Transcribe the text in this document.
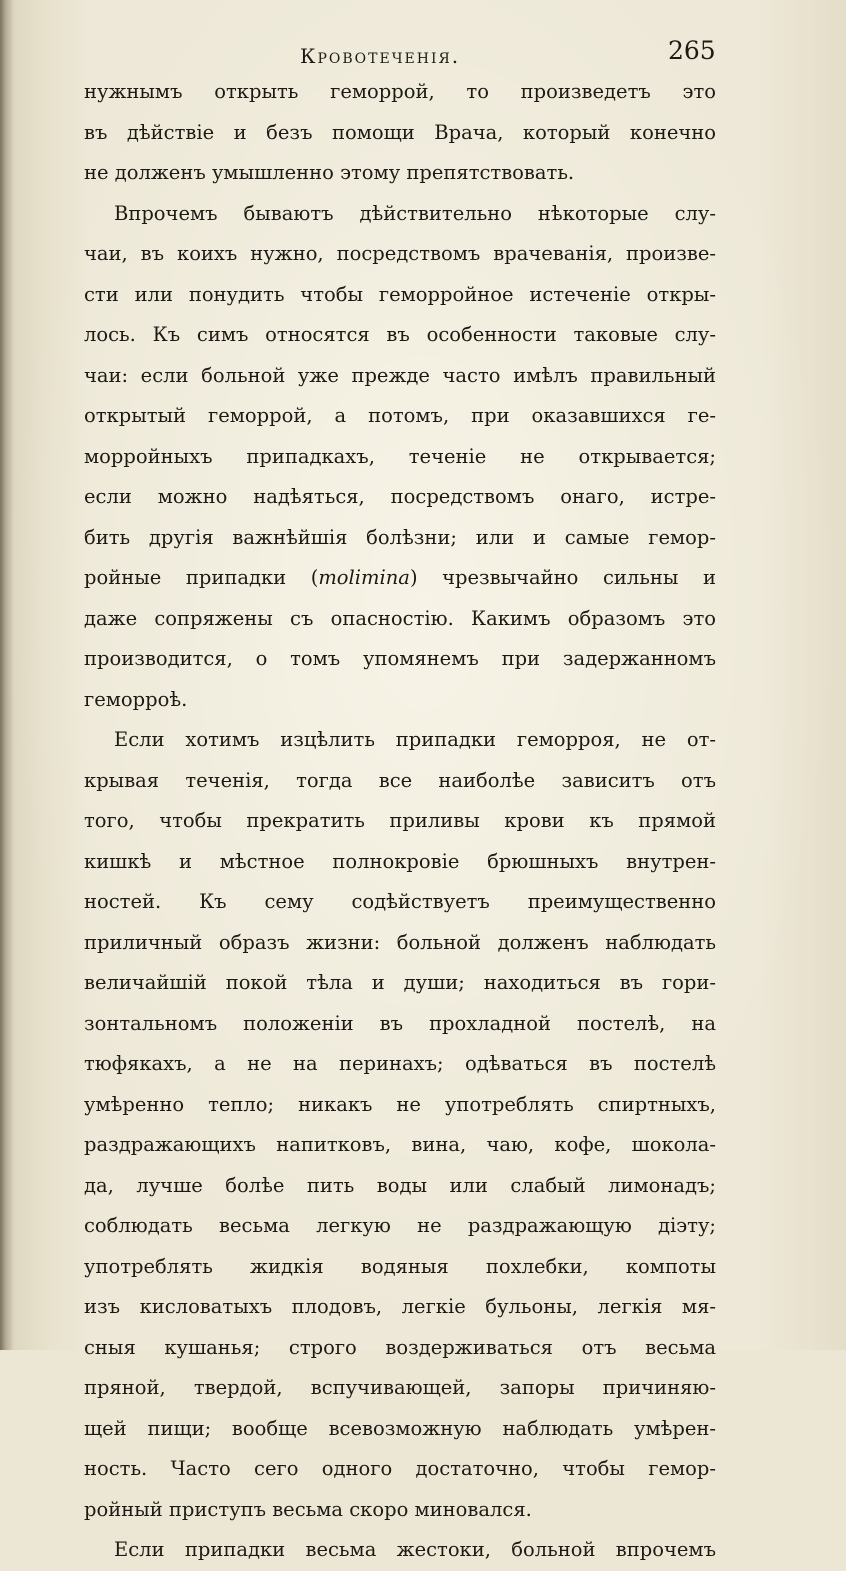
Кровотеченія.	265
нужнымъ открыть геморрой, то произведетъ это
въ дѣйствіе и безъ помощи Врача, который конечно
не долженъ умышленно этому препятствовать.
Впрочемъ бываютъ дѣйствительно нѣкоторые слу-
чаи, въ коихъ нужно, посредствомъ врачеванія, произве-
сти или понудить чтобы геморройное истеченіе откры-
лось. Къ симъ относятся въ особенности таковые слу-
чаи: если больной уже прежде часто имѣлъ правильный
открытый геморрой, а потомъ, при оказавшихся ге-
морройныхъ припадкахъ, теченіе не открывается;
если можно надѣяться, посредствомъ онаго, истре-
бить другія важнѣйшія болѣзни; или и самые гемор-
ройные припадки (molimina) чрезвычайно сильны и
даже сопряжены съ опасностію. Какимъ образомъ это
производится, о томъ упомянемъ при задержанномъ
геморроѣ.
Если хотимъ изцѣлить припадки геморроя, не от-
крывая теченія, тогда все наиболѣе зависитъ отъ
того, чтобы прекратить приливы крови къ прямой
кишкѣ и мѣстное полнокровіе брюшныхъ внутрен-
ностей. Къ сему содѣйствуетъ преимущественно
приличный образъ жизни: больной долженъ наблюдать
величайшій покой тѣла и души; находиться въ гори-
зонтальномъ положеніи въ прохладной постелѣ, на
тюфякахъ, а не на перинахъ; одѣваться въ постелѣ
умѣренно тепло; никакъ не употреблять спиртныхъ,
раздражающихъ напитковъ, вина, чаю, кофе, шокола-
да, лучше болѣе пить воды или слабый лимонадъ;
соблюдать весьма легкую не раздражающую діэту;
употреблять жидкія водяныя похлебки, компоты
изъ кисловатыхъ плодовъ, легкіе бульоны, легкія мя-
сныя кушанья; строго воздерживаться отъ весьма
пряной, твердой, вспучивающей, запоры причиняю-
щей пищи; вообще всевозможную наблюдать умѣрен-
ность. Часто сего одного достаточно, чтобы гемор-
ройный приступъ весьма скоро миновался.
Если припадки весьма жестоки, больной впрочемъ
